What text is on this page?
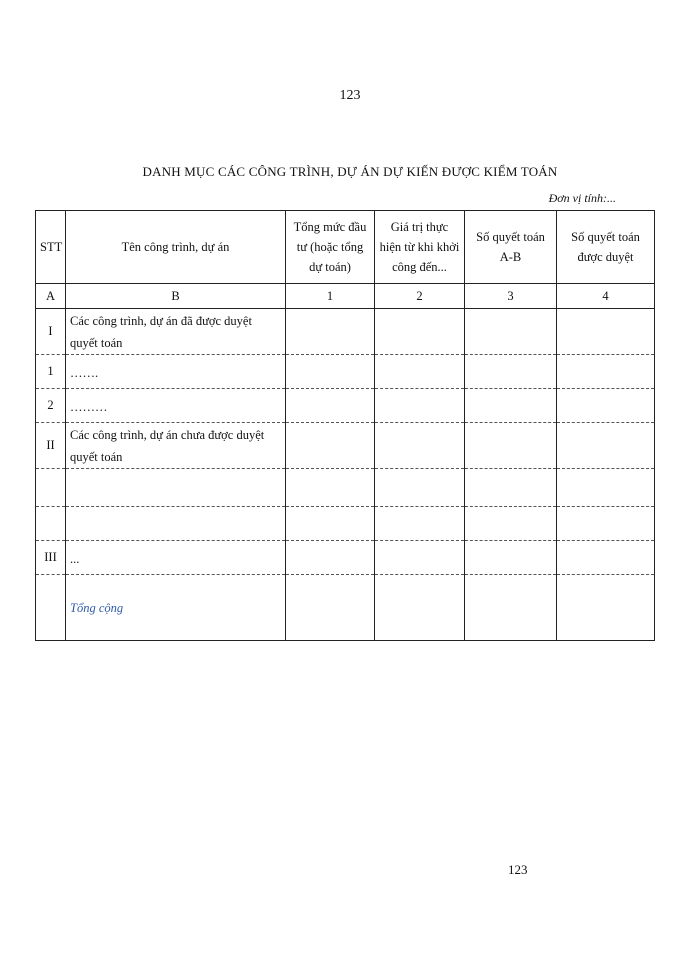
123
DANH MỤC CÁC CÔNG TRÌNH, DỰ ÁN DỰ KIẾN ĐƯỢC KIỂM TOÁN
Đơn vị tính:...
STT	Tên công trình, dự án	Tổng mức đầu tư (hoặc tổng dự toán)	Giá trị thực hiện từ khi khởi công đến...	Số quyết toán A-B	Số quyết toán được duyệt
A	B	1	2	3	4
I	Các công trình, dự án đã được duyệt quyết toán				
1	…….				
2	………				
II	Các công trình, dự án chưa được duyệt quyết toán				

III	...				
	Tổng cộng				
123
